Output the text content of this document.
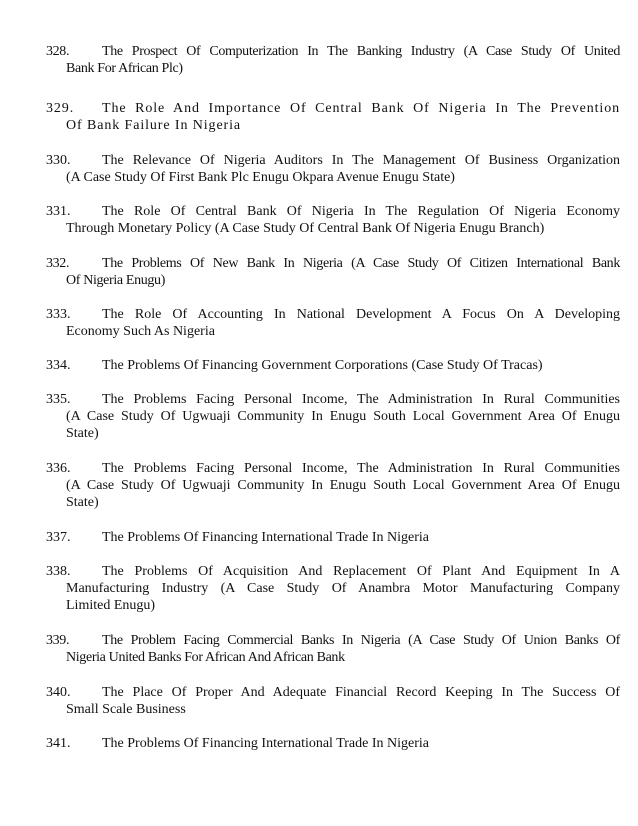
328. The Prospect Of Computerization In The Banking Industry (A Case Study Of United
Bank For African Plc)
329. The Role And Importance Of Central Bank Of Nigeria In The Prevention
Of Bank Failure In Nigeria
330. The Relevance Of Nigeria Auditors In The Management Of Business Organization
(A Case Study Of First Bank Plc Enugu Okpara Avenue Enugu State)
331. The Role Of Central Bank Of Nigeria In The Regulation Of Nigeria Economy
Through Monetary Policy (A Case Study Of Central Bank Of Nigeria Enugu Branch)
332. The Problems Of New Bank In Nigeria (A Case Study Of Citizen International Bank
Of Nigeria Enugu)
333. The Role Of Accounting In National Development A Focus On A Developing
Economy Such As Nigeria
334. The Problems Of Financing Government Corporations (Case Study Of Tracas)
335. The Problems Facing Personal Income, The Administration In Rural Communities
(A Case Study Of Ugwuaji Community In Enugu South Local Government Area Of Enugu
State)
336. The Problems Facing Personal Income, The Administration In Rural Communities
(A Case Study Of Ugwuaji Community In Enugu South Local Government Area Of Enugu
State)
337. The Problems Of Financing International Trade In Nigeria
338. The Problems Of Acquisition And Replacement Of Plant And Equipment In A
Manufacturing Industry (A Case Study Of Anambra Motor Manufacturing Company
Limited Enugu)
339. The Problem Facing Commercial Banks In Nigeria (A Case Study Of Union Banks Of
Nigeria United Banks For African And African Bank
340. The Place Of Proper And Adequate Financial Record Keeping In The Success Of
Small Scale Business
341. The Problems Of Financing International Trade In Nigeria
